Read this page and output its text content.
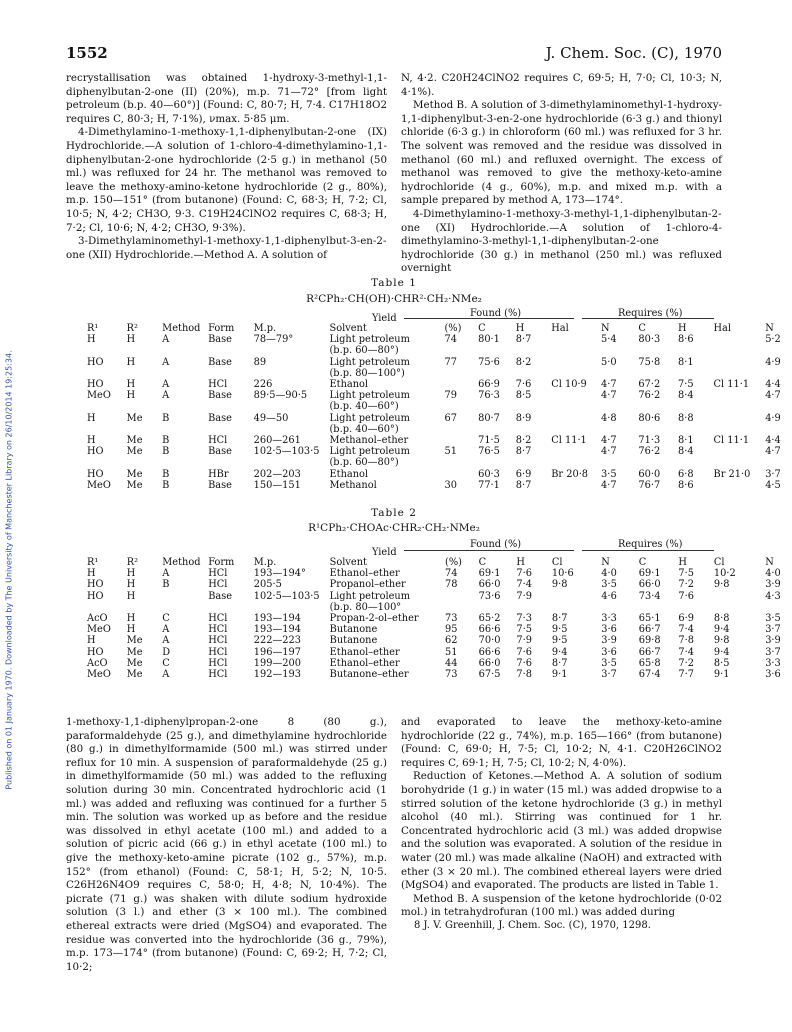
Published on 01 January 1970. Downloaded by The University of Manchester Library on 26/10/2014 19:25:34.
1552	J. Chem. Soc. (C), 1970

recrystallisation was obtained 1-hydroxy-3-methyl-1,1-diphenylbutan-2-one (II) (20%), m.p. 71—72° [from light petroleum (b.p. 40—60°)] (Found: C, 80·7; H, 7·4. C17H18O2 requires C, 80·3; H, 7·1%), νmax. 5·85 μm.

4-Dimethylamino-1-methoxy-1,1-diphenylbutan-2-one (IX) Hydrochloride.—A solution of 1-chloro-4-dimethylamino-1,1-diphenylbutan-2-one hydrochloride (2·5 g.) in methanol (50 ml.) was refluxed for 24 hr. The methanol was removed to leave the methoxy-amino-ketone hydrochloride (2 g., 80%), m.p. 150—151° (from butanone) (Found: C, 68·3; H, 7·2; Cl, 10·5; N, 4·2; CH3O, 9·3. C19H24ClNO2 requires C, 68·3; H, 7·2; Cl, 10·6; N, 4·2; CH3O, 9·3%).

3-Dimethylaminomethyl-1-methoxy-1,1-diphenylbut-3-en-2-one (XII) Hydrochloride.—Method A. A solution of

N, 4·2. C20H24ClNO2 requires C, 69·5; H, 7·0; Cl, 10·3; N, 4·1%).

Method B. A solution of 3-dimethylaminomethyl-1-hydroxy-1,1-diphenylbut-3-en-2-one hydrochloride (6·3 g.) and thionyl chloride (6·3 g.) in chloroform (60 ml.) was refluxed for 3 hr. The solvent was removed and the residue was dissolved in methanol (60 ml.) and refluxed overnight. The excess of methanol was removed to give the methoxy-keto-amine hydrochloride (4 g., 60%), m.p. and mixed m.p. with a sample prepared by method A, 173—174°.

4-Dimethylamino-1-methoxy-3-methyl-1,1-diphenylbutan-2-one (XI) Hydrochloride.—A solution of 1-chloro-4-dimethylamino-3-methyl-1,1-diphenylbutan-2-one hydrochloride (30 g.) in methanol (250 ml.) was refluxed overnight

Table 1
R²CPh₂·CH(OH)·CHR²·CH₂·NMe₂
Yield	Found (%)	Requires (%)
R¹	R²	Method	Form	M.p.	Solvent	(%)	C	H	Hal	N	C	H	Hal	N
H	H	A	Base	78—79°	Light petroleum	74	80·1	8·7		5·4	80·3	8·6		5·2
					(b.p. 60—80°)									
HO	H	A	Base	89	Light petroleum	77	75·6	8·2		5·0	75·8	8·1		4·9
					(b.p. 80—100°)									
HO	H	A	HCl	226	Ethanol		66·9	7·6	Cl 10·9	4·7	67·2	7·5	Cl 11·1	4·4
MeO	H	A	Base	89·5—90·5	Light petroleum	79	76·3	8·5		4·7	76·2	8·4		4·7
					(b.p. 40—60°)									
H	Me	B	Base	49—50	Light petroleum	67	80·7	8·9		4·8	80·6	8·8		4·9
					(b.p. 40—60°)									
H	Me	B	HCl	260—261	Methanol–ether		71·5	8·2	Cl 11·1	4·7	71·3	8·1	Cl 11·1	4·4
HO	Me	B	Base	102·5—103·5	Light petroleum	51	76·5	8·7		4·7	76·2	8·4		4·7
					(b.p. 60—80°)									
HO	Me	B	HBr	202—203	Ethanol		60·3	6·9	Br 20·8	3·5	60·0	6·8	Br 21·0	3·7
MeO	Me	B	Base	150—151	Methanol	30	77·1	8·7		4·7	76·7	8·6		4·5
Table 2
R¹CPh₂·CHOAc·CHR₂·CH₂·NMe₂
Yield
Found (%)	Requires (%)
R¹	R²	Method	Form	M.p.	Solvent	(%)	C	H	Cl	N	C	H	Cl	N
H	H	A	HCl	193—194°	Ethanol–ether	74	69·1	7·6	10·6	4·0	69·1	7·5	10·2	4·0
HO	H	B	HCl	205·5	Propanol–ether	78	66·0	7·4	9·8	3·5	66·0	7·2	9·8	3·9
HO	H		Base	102·5—103·5	Light petroleum		73·6	7·9		4·6	73·4	7·6		4·3
					(b.p. 80—100°									
AcO	H	C	HCl	193—194	Propan-2-ol–ether	73	65·2	7·3	8·7	3·3	65·1	6·9	8·8	3·5
MeO	H	A	HCl	193—194	Butanone	95	66·6	7·5	9·5	3·6	66·7	7·4	9·4	3·7
H	Me	A	HCl	222—223	Butanone	62	70·0	7·9	9·5	3·9	69·8	7·8	9·8	3·9
HO	Me	D	HCl	196—197	Ethanol–ether	51	66·6	7·6	9·4	3·6	66·7	7·4	9·4	3·7
AcO	Me	C	HCl	199—200	Ethanol–ether	44	66·0	7·6	8·7	3·5	65·8	7·2	8·5	3·3
MeO	Me	A	HCl	192—193	Butanone–ether	73	67·5	7·8	9·1	3·7	67·4	7·7	9·1	3·6

1-methoxy-1,1-diphenylpropan-2-one 8 (80 g.), paraformaldehyde (25 g.), and dimethylamine hydrochloride (80 g.) in dimethylformamide (500 ml.) was stirred under reflux for 10 min. A suspension of paraformaldehyde (25 g.) in dimethylformamide (50 ml.) was added to the refluxing solution during 30 min. Concentrated hydrochloric acid (1 ml.) was added and refluxing was continued for a further 5 min. The solution was worked up as before and the residue was dissolved in ethyl acetate (100 ml.) and added to a solution of picric acid (66 g.) in ethyl acetate (100 ml.) to give the methoxy-keto-amine picrate (102 g., 57%), m.p. 152° (from ethanol) (Found: C, 58·1; H, 5·2; N, 10·5. C26H26N4O9 requires C, 58·0; H, 4·8; N, 10·4%). The picrate (71 g.) was shaken with dilute sodium hydroxide solution (3 l.) and ether (3 × 100 ml.). The combined ethereal extracts were dried (MgSO4) and evaporated. The residue was converted into the hydrochloride (36 g., 79%), m.p. 173—174° (from butanone) (Found: C, 69·2; H, 7·2; Cl, 10·2;

and evaporated to leave the methoxy-keto-amine hydrochloride (22 g., 74%), m.p. 165—166° (from butanone) (Found: C, 69·0; H, 7·5; Cl, 10·2; N, 4·1. C20H26ClNO2 requires C, 69·1; H, 7·5; Cl, 10·2; N, 4·0%).

Reduction of Ketones.—Method A. A solution of sodium borohydride (1 g.) in water (15 ml.) was added dropwise to a stirred solution of the ketone hydrochloride (3 g.) in methyl alcohol (40 ml.). Stirring was continued for 1 hr. Concentrated hydrochloric acid (3 ml.) was added dropwise and the solution was evaporated. A solution of the residue in water (20 ml.) was made alkaline (NaOH) and extracted with ether (3 × 20 ml.). The combined ethereal layers were dried (MgSO4) and evaporated. The products are listed in Table 1.

Method B. A suspension of the ketone hydrochloride (0·02 mol.) in tetrahydrofuran (100 ml.) was added during

8 J. V. Greenhill, J. Chem. Soc. (C), 1970, 1298.
